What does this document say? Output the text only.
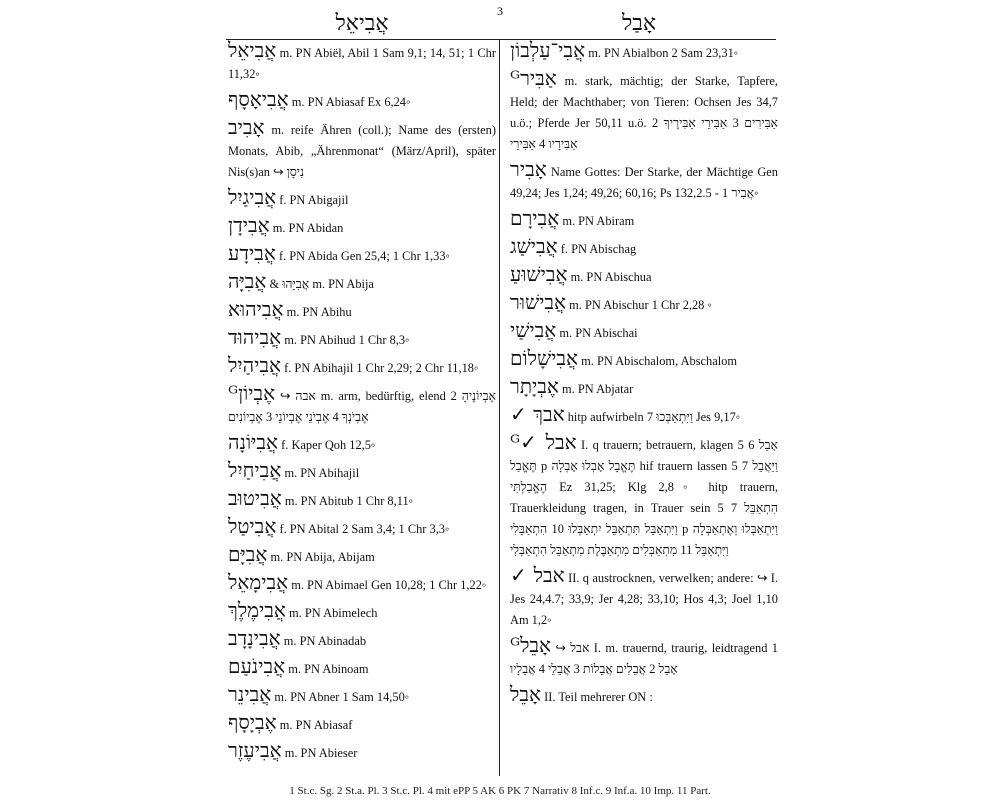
3
אֲבִיאֵל	אָבַל
אֲבִיאֵל m. PN Abiël, Abil 1 Sam 9,1; 14, 51; 1 Chr 11,32◦
אֲבִיאָסָף m. PN Abiasaf Ex 6,24◦
אָבִיב m. reife Ähren (coll.); Name des (ersten) Monats, Abib, „Ährenmonat“ (März/April), später Nis(s)an ↪ נִיסָן
אֲבִיגַיִל f. PN Abigajil
אֲבִידָן m. PN Abidan
אֲבִידָע f. PN Abida Gen 25,4; 1 Chr 1,33◦
אֲבִיָּה & אֲבִיָּהוּ m. PN Abija
אֲבִיהוּא m. PN Abihu
אֲבִיהוּד m. PN Abihud 1 Chr 8,3◦
אֲבִיהַיִל f. PN Abihajil 1 Chr 2,29; 2 Chr 11,18◦
אֶבְיוֹןᴳ ↪ אבה m. arm, bedürftig, elend 2 אֶבְיוֹנֶיהָ אֶבְיֹנְךָ 4 אֶבְיֹנֵי אֶבְיוֹנֵי 3 אֶבְיוֹנִים
אֲבִיּוֹנָה f. Kaper Qoh 12,5◦
אֲבִיחַיִל m. PN Abihajil
אֲבִיטוּב m. PN Abitub 1 Chr 8,11◦
אֲבִיטַל f. PN Abital 2 Sam 3,4; 1 Chr 3,3◦
אֲבִיָּם m. PN Abija, Abijam
אֲבִימָאֵל m. PN Abimael Gen 10,28; 1 Chr 1,22◦
אֲבִימֶלֶךְ m. PN Abimelech
אֲבִינָדָב m. PN Abinadab
אֲבִינֹעַם m. PN Abinoam
אֲבִינֵר m. PN Abner 1 Sam 14,50◦
אֶבְיָסָף m. PN Abiasaf
אֲבִיעֶזֶר m. PN Abieser
אֲבִי־עַלְבוֹן m. PN Abialbon 2 Sam 23,31◦
אַבִּירᴳ m. stark, mächtig; der Starke, Tapfere, Held; der Machthaber; von Tieren: Ochsen Jes 34,7 u.ö.; Pferde Jer 50,11 u.ö. 2 אַבִּירִים 3 אַבִּירֵי אַבִּירֶיךָ אַבִּירָיו 4 אַבִּירֵי
אָבִיר Name Gottes: Der Starke, der Mächtige Gen 49,24; Jes 1,24; 49,26; 60,16; Ps 132,2.5 - 1 אֲבִיר◦
אֲבִירָם m. PN Abiram
אֲבִישַׁג f. PN Abischag
אֲבִישׁוּעַ m. PN Abischua
אֲבִישׁוּר m. PN Abischur 1 Chr 2,28 ◦
אֲבִישַׁי m. PN Abischai
אֲבִישָׁלוֹם m. PN Abischalom, Abschalom
אֶבְיָתָר m. PN Abjatar
אבךְ ✓ hitp aufwirbeln 7 וַיִּתְאַבְּכוּ Jes 9,17◦
אבל ✓ᴳ I. q trauern; betrauern, klagen 5 אָבַל 6 תֶּאֱבַל p תֶּאֱבָל אָבְלוּ אָבְלָה hif trauern lassen 5 וַיַּאֲבֵל 7 הֶאֱבַלְתִּי Ez 31,25; Klg 2,8◦ hitp trauern, Trauerkleidung tragen, in Trauer sein 5 הִתְאַבֵּל 7 וַיִּתְאַבֵּל תִּתְאַבֵּל יִתְאַבְּלוּ 10 הִתְאַבָּלִי p וַיִּתְאַבְּלוּ וְאֶתְאַבְּלָה וַיִּתְאַבֵּל 11 מִתְאַבְּלִים מִתְאַבֶּלֶת מִתְאַבֵּל הִתְאַבְּלִי
אבל ✓ II. q austrocknen, verwelken; andere: ↪ I. Jes 24,4.7; 33,9; Jer 4,28; 33,10; Hos 4,3; Joel 1,10 Am 1,2◦
אָבֵלᴳ ↪ אבל I. m. trauernd, traurig, leidtragend 1 אָבֵל 2 אֲבֵלִים אֲבֵלוֹת 3 אֲבֵלֵי 4 אֲבֵלָיו
אָבֵל II. Teil mehrerer ON :
1 St.c. Sg. 2 St.a. Pl. 3 St.c. Pl. 4 mit ePP 5 AK 6 PK 7 Narrativ 8 Inf.c. 9 Inf.a. 10 Imp. 11 Part.
